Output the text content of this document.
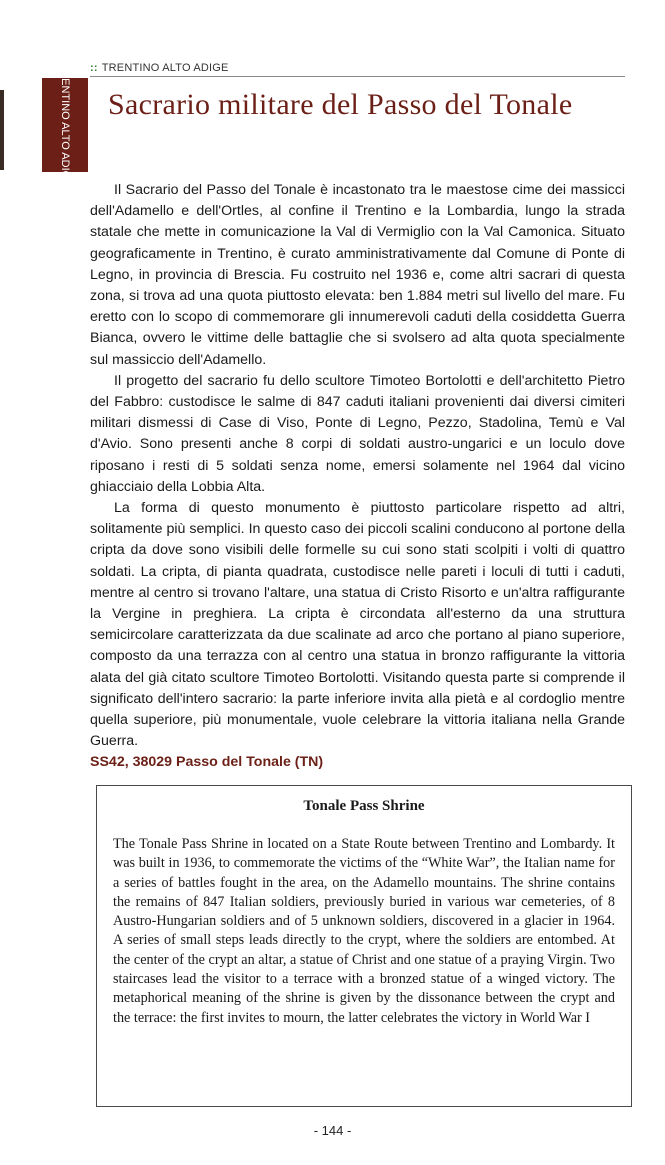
:: TRENTINO ALTO ADIGE
TRENTINO ALTO ADIGE Sacrario militare del Passo del Tonale

Il Sacrario del Passo del Tonale è incastonato tra le maestose cime dei massicci dell'Adamello e dell'Ortles, al confine il Trentino e la Lombardia, lungo la strada statale che mette in comunicazione la Val di Vermiglio con la Val Camonica. Situato geograficamente in Trentino, è curato amministrativamente dal Comune di Ponte di Legno, in provincia di Brescia. Fu costruito nel 1936 e, come altri sacrari di questa zona, si trova ad una quota piuttosto elevata: ben 1.884 metri sul livello del mare. Fu eretto con lo scopo di commemorare gli innumerevoli caduti della cosiddetta Guerra Bianca, ovvero le vittime delle battaglie che si svolsero ad alta quota specialmente sul massiccio dell'Adamello.

Il progetto del sacrario fu dello scultore Timoteo Bortolotti e dell'architetto Pietro del Fabbro: custodisce le salme di 847 caduti italiani provenienti dai diversi cimiteri militari dismessi di Case di Viso, Ponte di Legno, Pezzo, Stadolina, Temù e Val d'Avio. Sono presenti anche 8 corpi di soldati austro-ungarici e un loculo dove riposano i resti di 5 soldati senza nome, emersi solamente nel 1964 dal vicino ghiacciaio della Lobbia Alta.

La forma di questo monumento è piuttosto particolare rispetto ad altri, solitamente più semplici. In questo caso dei piccoli scalini conducono al portone della cripta da dove sono visibili delle formelle su cui sono stati scolpiti i volti di quattro soldati. La cripta, di pianta quadrata, custodisce nelle pareti i loculi di tutti i caduti, mentre al centro si trovano l'altare, una statua di Cristo Risorto e un'altra raffigurante la Vergine in preghiera. La cripta è circondata all'esterno da una struttura semicircolare caratterizzata da due scalinate ad arco che portano al piano superiore, composto da una terrazza con al centro una statua in bronzo raffigurante la vittoria alata del già citato scultore Timoteo Bortolotti. Visitando questa parte si comprende il significato dell'intero sacrario: la parte inferiore invita alla pietà e al cordoglio mentre quella superiore, più monumentale, vuole celebrare la vittoria italiana nella Grande Guerra.

SS42, 38029 Passo del Tonale (TN)

Tonale Pass Shrine

The Tonale Pass Shrine in located on a State Route between Trentino and Lombardy. It was built in 1936, to commemorate the victims of the “White War”, the Italian name for a series of battles fought in the area, on the Adamello mountains. The shrine contains the remains of 847 Italian soldiers, previously buried in various war cemeteries, of 8 Austro-Hungarian soldiers and of 5 unknown soldiers, discovered in a glacier in 1964. A series of small steps leads directly to the crypt, where the soldiers are entombed. At the center of the crypt an altar, a statue of Christ and one statue of a praying Virgin. Two staircases lead the visitor to a terrace with a bronzed statue of a winged victory. The metaphorical meaning of the shrine is given by the dissonance between the crypt and the terrace: the first invites to mourn, the latter celebrates the victory in World War I

- 144 -
